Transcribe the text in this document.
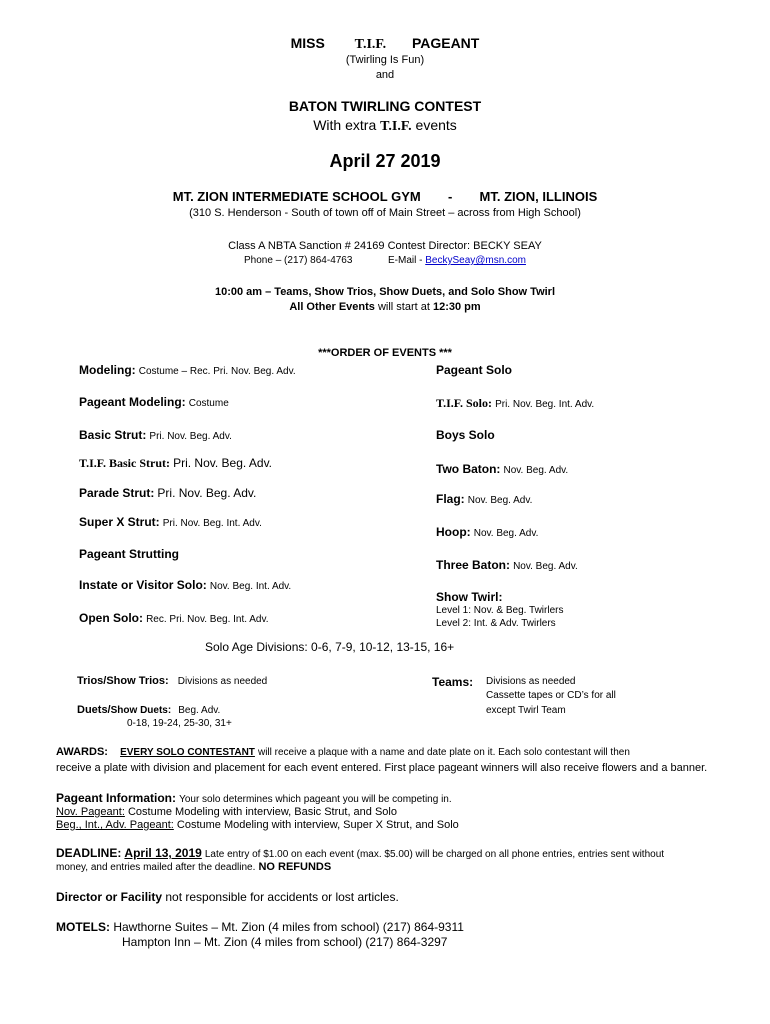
MISS T.I.F. PAGEANT
(Twirling Is Fun)
and
BATON TWIRLING CONTEST
With extra T.I.F. events
April 27 2019
MT. ZION INTERMEDIATE SCHOOL GYM - MT. ZION, ILLINOIS
(310 S. Henderson - South of town off of Main Street – across from High School)
Class A NBTA Sanction # 24169 Contest Director: BECKY SEAY
Phone – (217) 864-4763	E-Mail - BeckySeay@msn.com
10:00 am – Teams, Show Trios, Show Duets, and Solo Show Twirl
All Other Events will start at 12:30 pm
***ORDER OF EVENTS ***
Modeling: Costume – Rec. Pri. Nov. Beg. Adv.
Pageant Modeling: Costume
Basic Strut: Pri. Nov. Beg. Adv.
T.I.F. Basic Strut: Pri. Nov. Beg. Adv.
Parade Strut: Pri. Nov. Beg. Adv.
Super X Strut: Pri. Nov. Beg. Int. Adv.
Pageant Strutting
Instate or Visitor Solo: Nov. Beg. Int. Adv.
Open Solo: Rec. Pri. Nov. Beg. Int. Adv.
Pageant Solo
T.I.F. Solo: Pri. Nov. Beg. Int. Adv.
Boys Solo
Two Baton: Nov. Beg. Adv.
Flag: Nov. Beg. Adv.
Hoop: Nov. Beg. Adv.
Three Baton: Nov. Beg. Adv.
Show Twirl:
Level 1: Nov. & Beg. Twirlers
Level 2: Int. & Adv. Twirlers
Solo Age Divisions: 0-6, 7-9, 10-12, 13-15, 16+
Trios/Show Trios: Divisions as needed
Duets/Show Duets: Beg. Adv.
0-18, 19-24, 25-30, 31+
Teams: Divisions as needed
Cassette tapes or CD’s for all
except Twirl Team
AWARDS: EVERY SOLO CONTESTANT will receive a plaque with a name and date plate on it. Each solo contestant will then
receive a plate with division and placement for each event entered. First place pageant winners will also receive flowers and a banner.
Pageant Information: Your solo determines which pageant you will be competing in.
Nov. Pageant: Costume Modeling with interview, Basic Strut, and Solo
Beg., Int., Adv. Pageant: Costume Modeling with interview, Super X Strut, and Solo
DEADLINE: April 13, 2019 Late entry of $1.00 on each event (max. $5.00) will be charged on all phone entries, entries sent without
money, and entries mailed after the deadline. NO REFUNDS
Director or Facility not responsible for accidents or lost articles.
MOTELS: Hawthorne Suites – Mt. Zion (4 miles from school) (217) 864-9311
Hampton Inn – Mt. Zion (4 miles from school) (217) 864-3297
